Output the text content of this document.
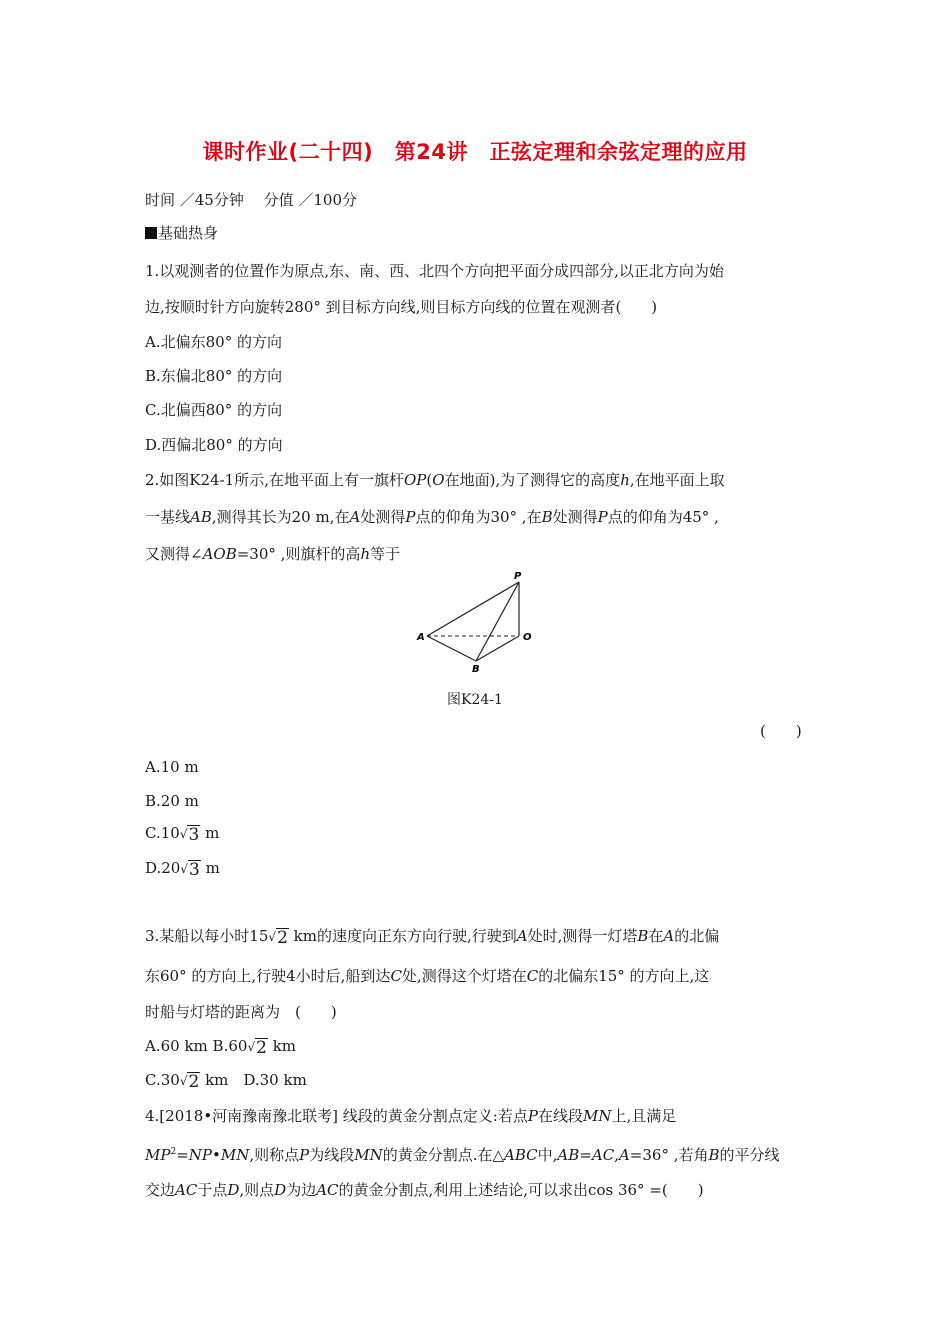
课时作业(二十四)　第24讲　正弦定理和余弦定理的应用
时间 ／45分钟　 分值 ／100分
基础热身
1.以观测者的位置作为原点,东、南、西、北四个方向把平面分成四部分,以正北方向为始
边,按顺时针方向旋转280° 到目标方向线,则目标方向线的位置在观测者(　　)
A.北偏东80° 的方向
B.东偏北80° 的方向
C.北偏西80° 的方向
D.西偏北80° 的方向
2.如图K24-1所示,在地平面上有一旗杆OP(O在地面),为了测得它的高度h,在地平面上取
一基线AB,测得其长为20 m,在A处测得P点的仰角为30° ,在B处测得P点的仰角为45° ,
又测得∠AOB=30° ,则旗杆的高h等于
P
A	O
B
图K24-1
(　　)
A.10 m
B.20 m
C.10 √ 3 m
D.20 √ 3 m
3.某船以每小时15 √ 2 km的速度向正东方向行驶,行驶到A处时,测得一灯塔B在A的北偏
东60° 的方向上,行驶4小时后,船到达C处,测得这个灯塔在C的北偏东15° 的方向上,这
时船与灯塔的距离为　(　　)
A.60 km B.60 √ 2 km
C.30 √ 2 km　D.30 km
4.[2018•河南豫南豫北联考] 线段的黄金分割点定义:若点P在线段MN上,且满足
$MP^2=NP•MN$,则称点P为线段MN的黄金分割点.在△ABC中,AB=AC,A=36° ,若角B的平分线
交边AC于点D,则点D为边AC的黄金分割点,利用上述结论,可以求出cos 36° =(　　)
